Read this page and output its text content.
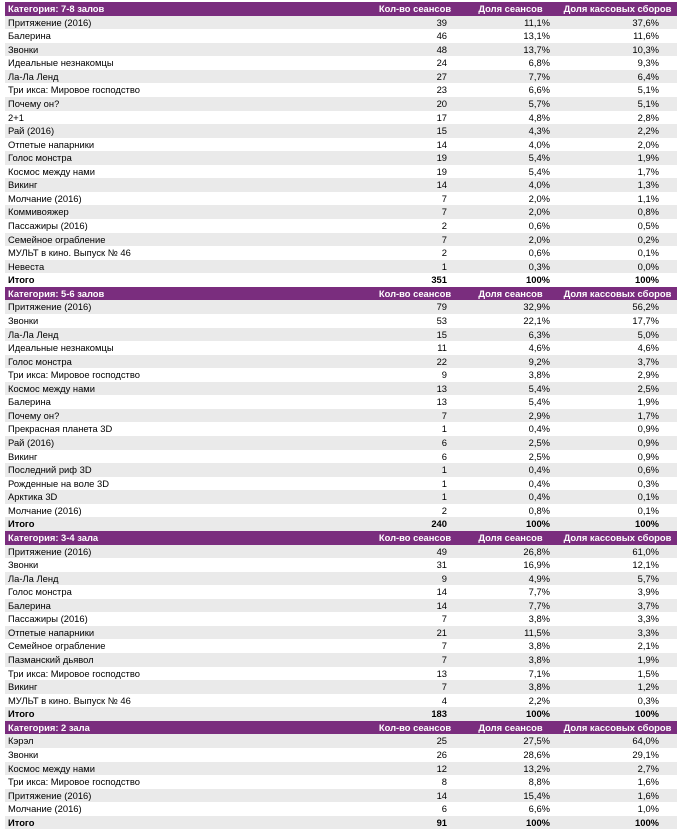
Категория: 7-8 залов	Кол-во сеансов	Доля сеансов	Доля кассовых сборов
Притяжение (2016)	39	11,1%	37,6%
Балерина	46	13,1%	11,6%
Звонки	48	13,7%	10,3%
Идеальные незнакомцы	24	6,8%	9,3%
Ла-Ла Ленд	27	7,7%	6,4%
Три икса: Мировое господство	23	6,6%	5,1%
Почему он?	20	5,7%	5,1%
2+1	17	4,8%	2,8%
Рай (2016)	15	4,3%	2,2%
Отпетые напарники	14	4,0%	2,0%
Голос монстра	19	5,4%	1,9%
Космос между нами	19	5,4%	1,7%
Викинг	14	4,0%	1,3%
Молчание (2016)	7	2,0%	1,1%
Коммивояжер	7	2,0%	0,8%
Пассажиры (2016)	2	0,6%	0,5%
Семейное ограбление	7	2,0%	0,2%
МУЛЬТ в кино. Выпуск № 46	2	0,6%	0,1%
Невеста	1	0,3%	0,0%
Итого	351	100%	100%
Категория: 5-6 залов	Кол-во сеансов	Доля сеансов	Доля кассовых сборов
Притяжение (2016)	79	32,9%	56,2%
Звонки	53	22,1%	17,7%
Ла-Ла Ленд	15	6,3%	5,0%
Идеальные незнакомцы	11	4,6%	4,6%
Голос монстра	22	9,2%	3,7%
Три икса: Мировое господство	9	3,8%	2,9%
Космос между нами	13	5,4%	2,5%
Балерина	13	5,4%	1,9%
Почему он?	7	2,9%	1,7%
Прекрасная планета 3D	1	0,4%	0,9%
Рай (2016)	6	2,5%	0,9%
Викинг	6	2,5%	0,9%
Последний риф 3D	1	0,4%	0,6%
Рожденные на воле 3D	1	0,4%	0,3%
Арктика 3D	1	0,4%	0,1%
Молчание (2016)	2	0,8%	0,1%
Итого	240	100%	100%
Категория: 3-4 зала	Кол-во сеансов	Доля сеансов	Доля кассовых сборов
Притяжение (2016)	49	26,8%	61,0%
Звонки	31	16,9%	12,1%
Ла-Ла Ленд	9	4,9%	5,7%
Голос монстра	14	7,7%	3,9%
Балерина	14	7,7%	3,7%
Пассажиры (2016)	7	3,8%	3,3%
Отпетые напарники	21	11,5%	3,3%
Семейное ограбление	7	3,8%	2,1%
Пазманский дьявол	7	3,8%	1,9%
Три икса: Мировое господство	13	7,1%	1,5%
Викинг	7	3,8%	1,2%
МУЛЬТ в кино. Выпуск № 46	4	2,2%	0,3%
Итого	183	100%	100%
Категория: 2 зала	Кол-во сеансов	Доля сеансов	Доля кассовых сборов
Кэрэл	25	27,5%	64,0%
Звонки	26	28,6%	29,1%
Космос между нами	12	13,2%	2,7%
Три икса: Мировое господство	8	8,8%	1,6%
Притяжение (2016)	14	15,4%	1,6%
Молчание (2016)	6	6,6%	1,0%
Итого	91	100%	100%
